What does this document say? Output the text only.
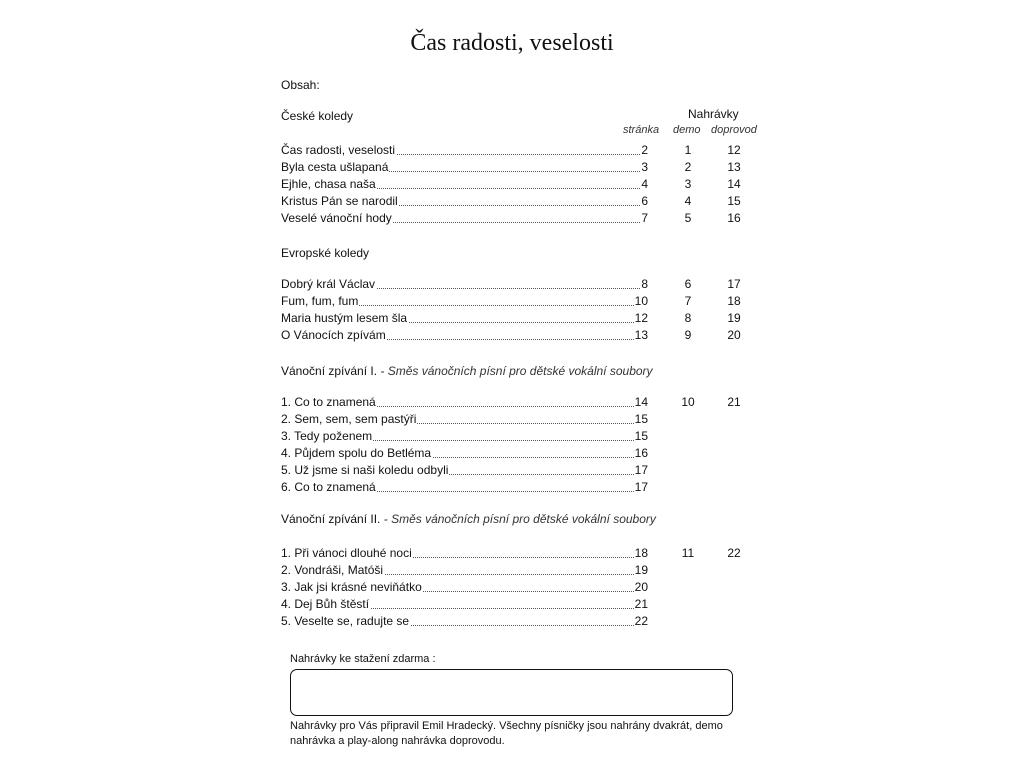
Čas radosti, veselosti
Obsah:
Nahrávky
stránka demo doprovod
České koledy
Čas radosti, veselosti	2	1	12
Byla cesta ušlapaná	3	2	13
Ejhle, chasa naša	4	3	14
Kristus Pán se narodil	6	4	15
Veselé vánoční hody	7	5	16
Evropské koledy
Dobrý král Václav	8	6	17
Fum, fum, fum	10	7	18
Maria hustým lesem šla	12	8	19
O Vánocích zpívám	13	9	20
Vánoční zpívání I. - Směs vánočních písní pro dětské vokální soubory
1. Co to znamená	14	10	21
2. Sem, sem, sem pastýři	15
3. Tedy poženem	15
4. Půjdem spolu do Betléma	16
5. Už jsme si naši koledu odbyli	17
6. Co to znamená	17
Vánoční zpívání II. - Směs vánočních písní pro dětské vokální soubory
1. Při vánoci dlouhé noci	18	11	22
2. Vondráši, Matóši	19
3. Jak jsi krásné neviňátko	20
4. Dej Bůh štěstí	21
5. Veselte se, radujte se	22
Nahrávky ke stažení zdarma :
Nahrávky pro Vás připravil Emil Hradecký. Všechny písničky jsou nahrány dvakrát, demo
nahrávka a play-along nahrávka doprovodu.
